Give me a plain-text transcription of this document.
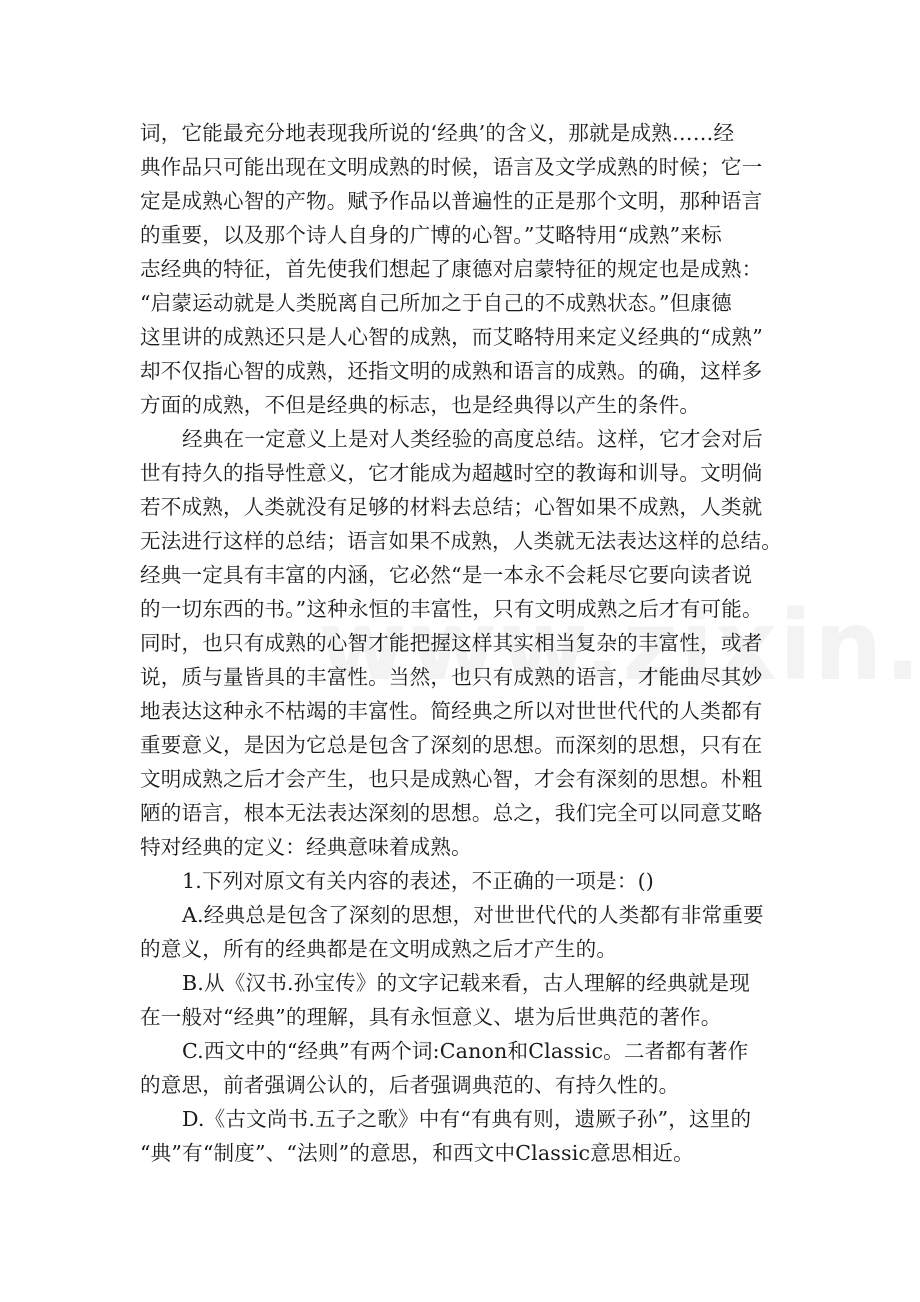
词，它能最充分地表现我所说的‘经典’的含义，那就是成熟……经
典作品只可能出现在文明成熟的时候，语言及文学成熟的时候；它一
定是成熟心智的产物。赋予作品以普遍性的正是那个文明，那种语言
的重要，以及那个诗人自身的广博的心智。”艾略特用“成熟”来标
志经典的特征，首先使我们想起了康德对启蒙特征的规定也是成熟：
“启蒙运动就是人类脱离自己所加之于自己的不成熟状态。”但康德
这里讲的成熟还只是人心智的成熟，而艾略特用来定义经典的“成熟”
却不仅指心智的成熟，还指文明的成熟和语言的成熟。的确，这样多
方面的成熟，不但是经典的标志，也是经典得以产生的条件。
经典在一定意义上是对人类经验的高度总结。这样，它才会对后
世有持久的指导性意义，它才能成为超越时空的教诲和训导。文明倘
若不成熟，人类就没有足够的材料去总结；心智如果不成熟，人类就
无法进行这样的总结；语言如果不成熟，人类就无法表达这样的总结。
经典一定具有丰富的内涵，它必然“是一本永不会耗尽它要向读者说
的一切东西的书。”这种永恒的丰富性，只有文明成熟之后才有可能。
同时，也只有成熟的心智才能把握这样其实相当复杂的丰富性，或者
说，质与量皆具的丰富性。当然，也只有成熟的语言，才能曲尽其妙
地表达这种永不枯竭的丰富性。简经典之所以对世世代代的人类都有
重要意义，是因为它总是包含了深刻的思想。而深刻的思想，只有在
文明成熟之后才会产生，也只是成熟心智，才会有深刻的思想。朴粗
陋的语言，根本无法表达深刻的思想。总之，我们完全可以同意艾略
特对经典的定义：经典意味着成熟。
1.下列对原文有关内容的表述，不正确的一项是：()
A.经典总是包含了深刻的思想，对世世代代的人类都有非常重要
的意义，所有的经典都是在文明成熟之后才产生的。
B.从《汉书.孙宝传》的文字记载来看，古人理解的经典就是现
在一般对“经典”的理解，具有永恒意义、堪为后世典范的著作。
C.西文中的“经典”有两个词:Canon和Classic。二者都有著作
的意思，前者强调公认的，后者强调典范的、有持久性的。
D.《古文尚书.五子之歌》中有“有典有则，遗厥子孙”，这里的
“典”有“制度”、“法则”的意思，和西文中Classic意思相近。
